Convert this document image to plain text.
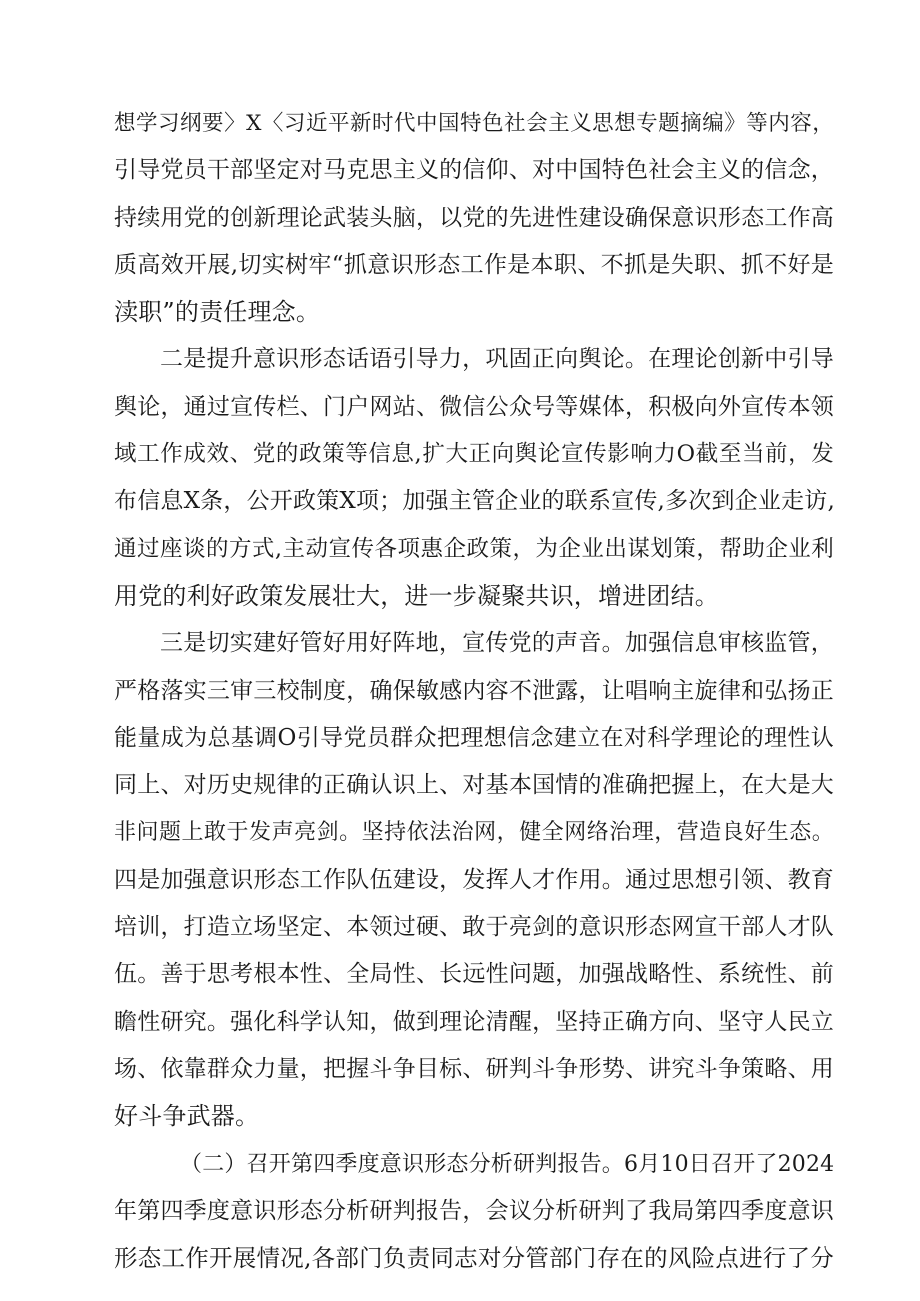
想学习纲要〉X〈习近平新时代中国特色社会主义思想专题摘编》等内容，
引导党员干部坚定对马克思主义的信仰、对中国特色社会主义的信念，
持续用党的创新理论武装头脑，以党的先进性建设确保意识形态工作高
质高效开展,切实树牢“抓意识形态工作是本职、不抓是失职、抓不好是
渎职”的责任理念。
二是提升意识形态话语引导力，巩固正向舆论。在理论创新中引导
舆论，通过宣传栏、门户网站、微信公众号等媒体，积极向外宣传本领
域工作成效、党的政策等信息,扩大正向舆论宣传影响力O截至当前，发
布信息X条，公开政策X项；加强主管企业的联系宣传,多次到企业走访,
通过座谈的方式,主动宣传各项惠企政策，为企业出谋划策，帮助企业利
用党的利好政策发展壮大，进一步凝聚共识，增进团结。
三是切实建好管好用好阵地，宣传党的声音。加强信息审核监管，
严格落实三审三校制度，确保敏感内容不泄露，让唱响主旋律和弘扬正
能量成为总基调O引导党员群众把理想信念建立在对科学理论的理性认
同上、对历史规律的正确认识上、对基本国情的准确把握上，在大是大
非问题上敢于发声亮剑。坚持依法治网，健全网络治理，营造良好生态。
四是加强意识形态工作队伍建设，发挥人才作用。通过思想引领、教育
培训，打造立场坚定、本领过硬、敢于亮剑的意识形态网宣干部人才队
伍。善于思考根本性、全局性、长远性问题，加强战略性、系统性、前
瞻性研究。强化科学认知，做到理论清醒，坚持正确方向、坚守人民立
场、依靠群众力量，把握斗争目标、研判斗争形势、讲究斗争策略、用
好斗争武器。
（二）召开第四季度意识形态分析研判报告。6月10日召开了2024
年第四季度意识形态分析研判报告，会议分析研判了我局第四季度意识
形态工作开展情况,各部门负责同志对分管部门存在的风险点进行了分
